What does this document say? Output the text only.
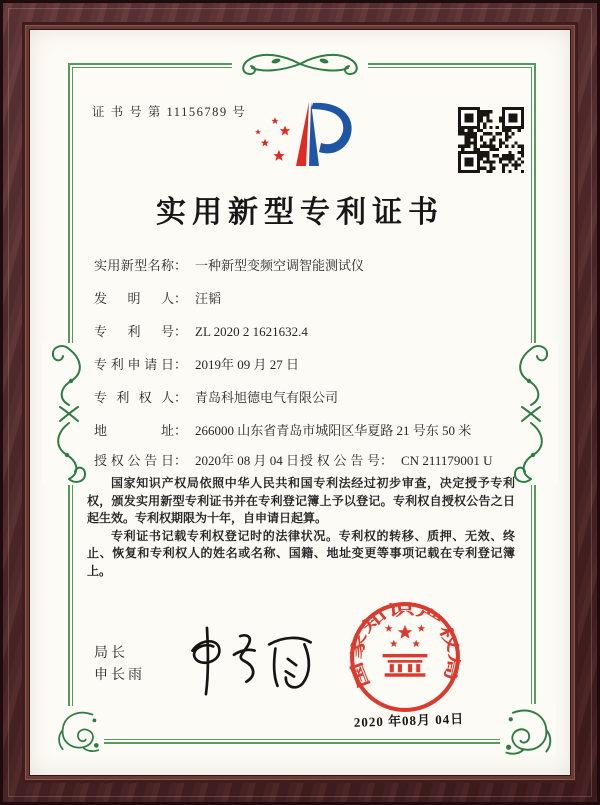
证 书 号 第 11156789 号
实用新型专利证书
实用新型名称： 一种新型变频空调智能测试仪
发明人： 汪韬
专利号： ZL 2020 2 1621632.4
专利申请日： 2019年 09 月 27 日
专利权人： 青岛科旭德电气有限公司
地址： 266000 山东省青岛市城阳区华夏路 21 号东 50 米
授权公告日： 2020年 08 月 04 日 授权公告号： CN 211179001 U

国家知识产权局依照中华人民共和国专利法经过初步审查，决定授予专利权，颁发实用新型专利证书并在专利登记簿上予以登记。专利权自授权公告之日起生效。专利权期限为十年，自申请日起算。

专利证书记载专利权登记时的法律状况。专利权的转移、质押、无效、终止、恢复和专利权人的姓名或名称、国籍、地址变更等事项记载在专利登记簿上。

局长
申长雨	国家知识产权局
2020 年08月 04日
